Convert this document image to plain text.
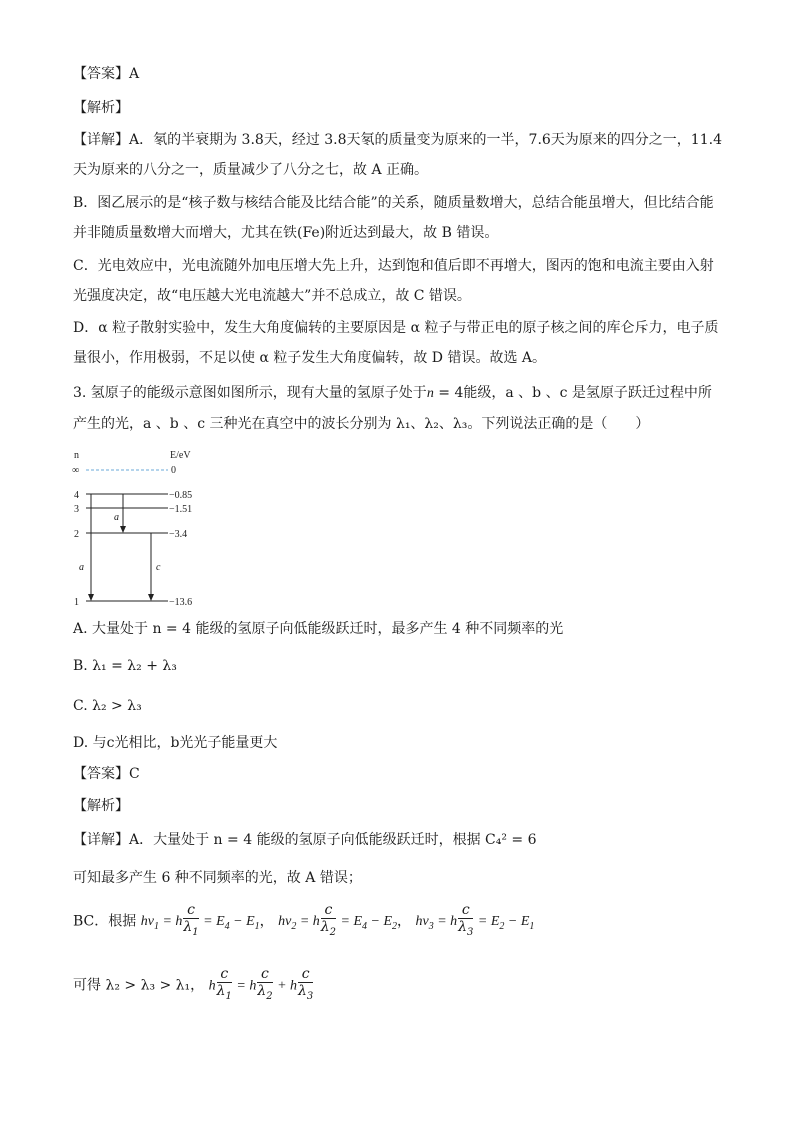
【答案】A
【解析】
【详解】A．氡的半衰期为 3.8天，经过 3.8天氡的质量变为原来的一半，7.6天为原来的四分之一，11.4
天为原来的八分之一，质量减少了八分之七，故 A 正确。
B．图乙展示的是“核子数与核结合能及比结合能”的关系，随质量数增大，总结合能虽增大，但比结合能
并非随质量数增大而增大，尤其在铁(Fe)附近达到最大，故 B 错误。
C．光电效应中，光电流随外加电压增大先上升，达到饱和值后即不再增大，图丙的饱和电流主要由入射
光强度决定，故“电压越大光电流越大”并不总成立，故 C 错误。
D．α 粒子散射实验中，发生大角度偏转的主要原因是 α 粒子与带正电的原子核之间的库仑斥力，电子质
量很小，作用极弱，不足以使 α 粒子发生大角度偏转，故 D 错误。故选 A。
3. 氢原子的能级示意图如图所示，现有大量的氢原子处于n = 4能级，a 、b 、c 是氢原子跃迁过程中所
产生的光，a 、b 、c 三种光在真空中的波长分别为 λ₁、λ₂、λ₃。下列说法正确的是（　　）
n	E/eV
∞	0
4	−0.85
3	−1.51
2	−3.4
1	−13.6
a
a
c
A. 大量处于 n = 4 能级的氢原子向低能级跃迁时，最多产生 4 种不同频率的光
B. λ₁ = λ₂ + λ₃
C. λ₂ > λ₃
D. 与c光相比，b光光子能量更大
【答案】C
【解析】
【详解】A．大量处于 n = 4 能级的氢原子向低能级跃迁时，根据 C₄² = 6
可知最多产生 6 种不同频率的光，故 A 错误；
BC．根据 $h\nu_1 = h \frac{c}{\lambda_1} = E_4 - E_1$， $h\nu_2 = h \frac{c}{\lambda_2} = E_4 - E_2$， $h\nu_3 = h \frac{c}{\lambda_3} = E_2 - E_1$
可得 λ₂ > λ₃ > λ₁， h $\frac{c}{\lambda_1} = h \frac{c}{\lambda_2} + h \frac{c}{\lambda_3}$
